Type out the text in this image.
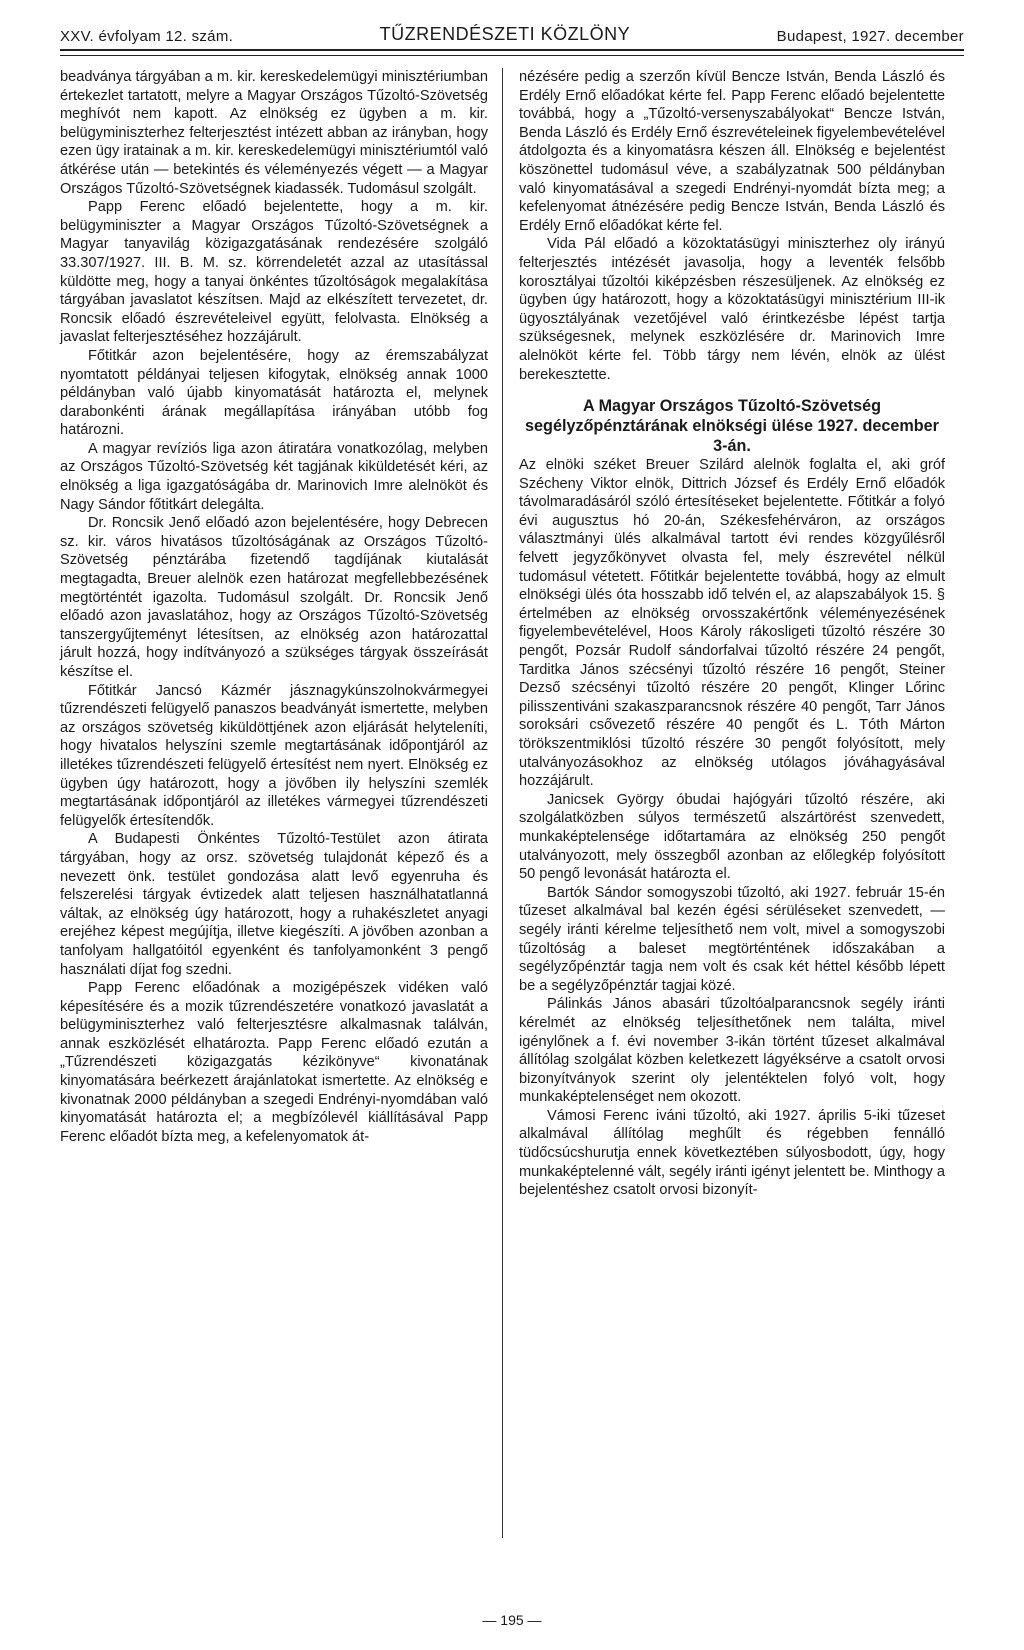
XXV. évfolyam 12. szám.	TŰZRENDÉSZETI KÖZLÖNY	Budapest, 1927. december

beadványa tárgyában a m. kir. kereskedelemügyi minisztériumban értekezlet tartatott, melyre a Magyar Országos Tűzoltó-Szövetség meghívót nem kapott. Az elnökség ez ügyben a m. kir. belügyminiszterhez felterjesztést intézett abban az irányban, hogy ezen ügy iratainak a m. kir. kereskedelemügyi minisztériumtól való átkérése után — betekintés és véleményezés végett — a Magyar Országos Tűzoltó-Szövetségnek kiadassék. Tudomásul szolgált.

Papp Ferenc előadó bejelentette, hogy a m. kir. belügyminiszter a Magyar Országos Tűzoltó-Szövetségnek a Magyar tanyavilág közigazgatásának rendezésére szolgáló 33.307/1927. III. B. M. sz. körrendeletét azzal az utasítással küldötte meg, hogy a tanyai önkéntes tűzoltóságok megalakítása tárgyában javaslatot készítsen. Majd az elkészített tervezetet, dr. Roncsik előadó észrevételeivel együtt, felolvasta. Elnökség a javaslat felterjesztéséhez hozzájárult.

Főtitkár azon bejelentésére, hogy az éremszabályzat nyomtatott példányai teljesen kifogytak, elnökség annak 1000 példányban való újabb kinyomatását határozta el, melynek darabonkénti árának megállapítása irányában utóbb fog határozni.

A magyar revíziós liga azon átiratára vonatkozólag, melyben az Országos Tűzoltó-Szövetség két tagjának kiküldetését kéri, az elnökség a liga igazgatóságába dr. Marinovich Imre alelnököt és Nagy Sándor főtitkárt delegálta.

Dr. Roncsik Jenő előadó azon bejelentésére, hogy Debrecen sz. kir. város hivatásos tűzoltóságának az Országos Tűzoltó-Szövetség pénztárába fizetendő tagdíjának kiutalását megtagadta, Breuer alelnök ezen határozat megfellebbezésének megtörténtét igazolta. Tudomásul szolgált. Dr. Roncsik Jenő előadó azon javaslatához, hogy az Országos Tűzoltó-Szövetség tanszergyűjteményt létesítsen, az elnökség azon határozattal járult hozzá, hogy indítványozó a szükséges tárgyak összeírását készítse el.

Főtitkár Jancsó Kázmér jásznagykúnszolnokvármegyei tűzrendészeti felügyelő panaszos beadványát ismertette, melyben az országos szövetség kiküldöttjének azon eljárását helyteleníti, hogy hivatalos helyszíni szemle megtartásának időpontjáról az illetékes tűzrendészeti felügyelő értesítést nem nyert. Elnökség ez ügyben úgy határozott, hogy a jövőben ily helyszíni szemlék megtartásának időpontjáról az illetékes vármegyei tűzrendészeti felügyelők értesítendők.

A Budapesti Önkéntes Tűzoltó-Testület azon átirata tárgyában, hogy az orsz. szövetség tulajdonát képező és a nevezett önk. testület gondozása alatt levő egyenruha és felszerelési tárgyak évtizedek alatt teljesen használhatatlanná váltak, az elnökség úgy határozott, hogy a ruhakészletet anyagi erejéhez képest megújítja, illetve kiegészíti. A jövőben azonban a tanfolyam hallgatóitól egyenként és tanfolyamonként 3 pengő használati díjat fog szedni.

Papp Ferenc előadónak a mozigépészek vidéken való képesítésére és a mozik tűzrendészetére vonatkozó javaslatát a belügyminiszterhez való felterjesztésre alkalmasnak találván, annak eszközlését elhatározta. Papp Ferenc előadó ezután a „Tűzrendészeti közigazgatás kézikönyve“ kivonatának kinyomatására beérkezett árajánlatokat ismertette. Az elnökség e kivonatnak 2000 példányban a szegedi Endrényi-nyomdában való kinyomatását határozta el; a megbízólevél kiállításával Papp Ferenc előadót bízta meg, a kefelenyomatok át-

nézésére pedig a szerzőn kívül Bencze István, Benda László és Erdély Ernő előadókat kérte fel. Papp Ferenc előadó bejelentette továbbá, hogy a „Tűzoltó-versenyszabályokat“ Bencze István, Benda László és Erdély Ernő észrevételeinek figyelembevételével átdolgozta és a kinyomatásra készen áll. Elnökség e bejelentést köszönettel tudomásul véve, a szabályzatnak 500 példányban való kinyomatásával a szegedi Endrényi-nyomdát bízta meg; a kefelenyomat átnézésére pedig Bencze István, Benda László és Erdély Ernő előadókat kérte fel.

Vida Pál előadó a közoktatásügyi miniszterhez oly irányú felterjesztés intézését javasolja, hogy a leventék felsőbb korosztályai tűzoltói kiképzésben részesüljenek. Az elnökség ez ügyben úgy határozott, hogy a közoktatásügyi minisztérium III-ik ügyosztályának vezetőjével való érintkezésbe lépést tartja szükségesnek, melynek eszközlésére dr. Marinovich Imre alelnököt kérte fel. Több tárgy nem lévén, elnök az ülést berekesztette.

A Magyar Országos Tűzoltó-Szövetség segélyzőpénztárának elnökségi ülése 1927. december 3-án.

Az elnöki széket Breuer Szilárd alelnök foglalta el, aki gróf Szécheny Viktor elnök, Dittrich József és Erdély Ernő előadók távolmaradásáról szóló értesítéseket bejelentette. Főtitkár a folyó évi augusztus hó 20-án, Székesfehérváron, az országos választmányi ülés alkalmával tartott évi rendes közgyűlésről felvett jegyzőkönyvet olvasta fel, mely észrevétel nélkül tudomásul vétetett. Főtitkár bejelentette továbbá, hogy az elmult elnökségi ülés óta hosszabb idő telvén el, az alapszabályok 15. § értelmében az elnökség orvosszakértőnk véleményezésének figyelembevételével, Hoos Károly rákosligeti tűzoltó részére 30 pengőt, Pozsár Rudolf sándorfalvai tűzoltó részére 24 pengőt, Tarditka János szécsényi tűzoltó részére 16 pengőt, Steiner Dezső szécsényi tűzoltó részére 20 pengőt, Klinger Lőrinc pilisszentiváni szakaszparancsnok részére 40 pengőt, Tarr János soroksári csővezető részére 40 pengőt és L. Tóth Márton törökszentmiklósi tűzoltó részére 30 pengőt folyósított, mely utalványozásokhoz az elnökség utólagos jóváhagyásával hozzájárult.

Janicsek György óbudai hajógyári tűzoltó részére, aki szolgálatközben súlyos természetű alszártörést szenvedett, munkaképtelensége időtartamára az elnökség 250 pengőt utalványozott, mely összegből azonban az előlegkép folyósított 50 pengő levonását határozta el.

Bartók Sándor somogyszobi tűzoltó, aki 1927. február 15-én tűzeset alkalmával bal kezén égési sérüléseket szenvedett, — segély iránti kérelme teljesíthető nem volt, mivel a somogyszobi tűzoltóság a baleset megtörténtének időszakában a segélyzőpénztár tagja nem volt és csak két héttel később lépett be a segélyzőpénztár tagjai közé.

Pálinkás János abasári tűzoltóalparancsnok segély iránti kérelmét az elnökség teljesíthetőnek nem találta, mivel igénylőnek a f. évi november 3-ikán történt tűzeset alkalmával állítólag szolgálat közben keletkezett lágyéksérve a csatolt orvosi bizonyítványok szerint oly jelentéktelen folyó volt, hogy munkaképtelenséget nem okozott.

Vámosi Ferenc iváni tűzoltó, aki 1927. április 5-iki tűzeset alkalmával állítólag meghűlt és régebben fennálló tüdőcsúcshurutja ennek következtében súlyosbodott, úgy, hogy munkaképtelenné vált, segély iránti igényt jelentett be. Minthogy a bejelentéshez csatolt orvosi bizonyít-

— 195 —
